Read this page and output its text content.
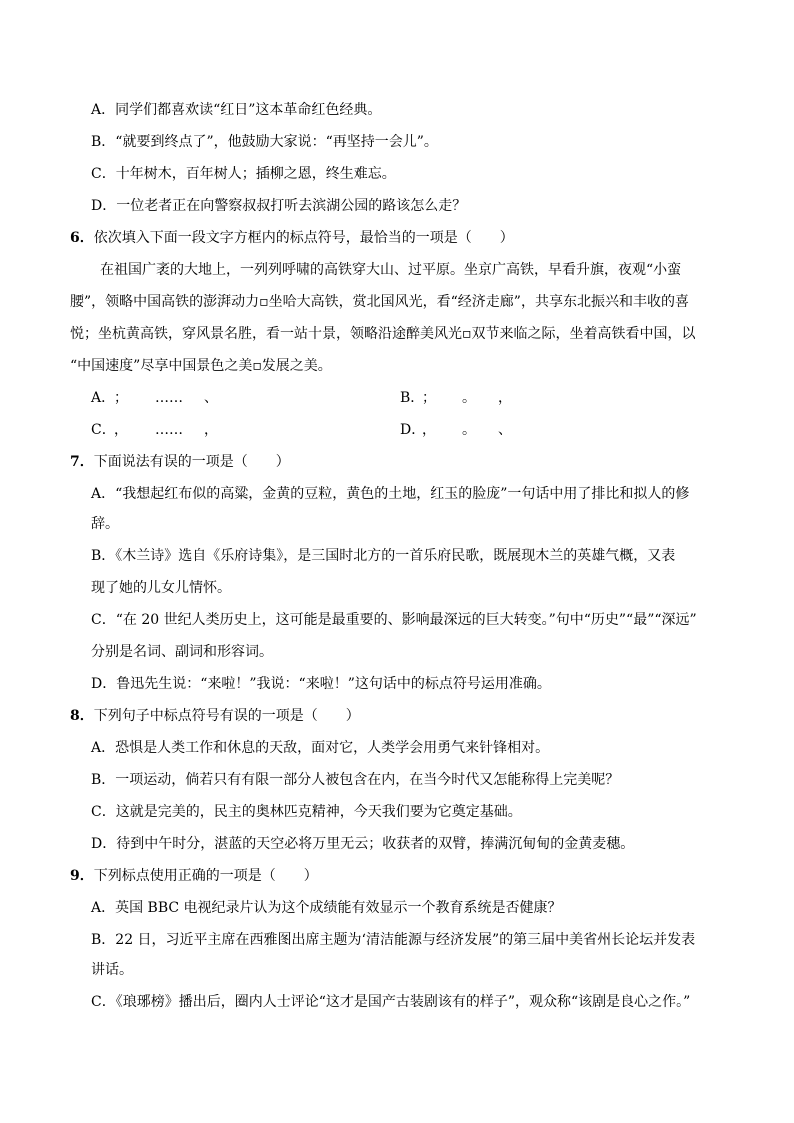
A．同学们都喜欢读“红日”这本革命红色经典。
B．“就要到终点了”，他鼓励大家说：“再坚持一会儿”。
C．十年树木，百年树人；插柳之恩，终生难忘。
D．一位老者正在向警察叔叔打听去滨湖公园的路该怎么走？
6．依次填入下面一段文字方框内的标点符号，最恰当的一项是（　　）
在祖国广袤的大地上，一列列呼啸的高铁穿大山、过平原。坐京广高铁，早看升旗，夜观“小蛮
腰”，领略中国高铁的澎湃动力▫坐哈大高铁，赏北国风光，看“经济走廊”，共享东北振兴和丰收的喜
悦；坐杭黄高铁，穿风景名胜，看一站十景，领略沿途醉美风光▫双节来临之际，坐着高铁看中国，以
“中国速度”尽享中国景色之美▫发展之美。
A．
； …… 、	B．
； 。 ，
C．
， …… ，	D．
， 。 、
7．下面说法有误的一项是（　　）
A．“我想起红布似的高粱，金黄的豆粒，黄色的土地，红玉的脸庞”一句话中用了排比和拟人的修
辞。
B．《木兰诗》选自《乐府诗集》，是三国时北方的一首乐府民歌，既展现木兰的英雄气概，又表
现了她的儿女儿情怀。
C．“在 20 世纪人类历史上，这可能是最重要的、影响最深远的巨大转变。”句中“历史”“最”“深远”
分别是名词、副词和形容词。
D．鲁迅先生说：“来啦！”我说：“来啦！”这句话中的标点符号运用准确。
8．下列句子中标点符号有误的一项是（　　）
A．恐惧是人类工作和休息的天敌，面对它，人类学会用勇气来针锋相对。
B．一项运动，倘若只有有限一部分人被包含在内，在当今时代又怎能称得上完美呢？
C．这就是完美的，民主的奥林匹克精神，今天我们要为它奠定基础。
D．待到中午时分，湛蓝的天空必将万里无云；收获者的双臂，捧满沉甸甸的金黄麦穗。
9．下列标点使用正确的一项是（　　）
A．英国 BBC 电视纪录片认为这个成绩能有效显示一个教育系统是否健康？
B．22 日，习近平主席在西雅图出席主题为‘清洁能源与经济发展”的第三届中美省州长论坛并发表
讲话。
C．《琅琊榜》播出后，圈内人士评论“这才是国产古装剧该有的样子”，观众称“该剧是良心之作。”
